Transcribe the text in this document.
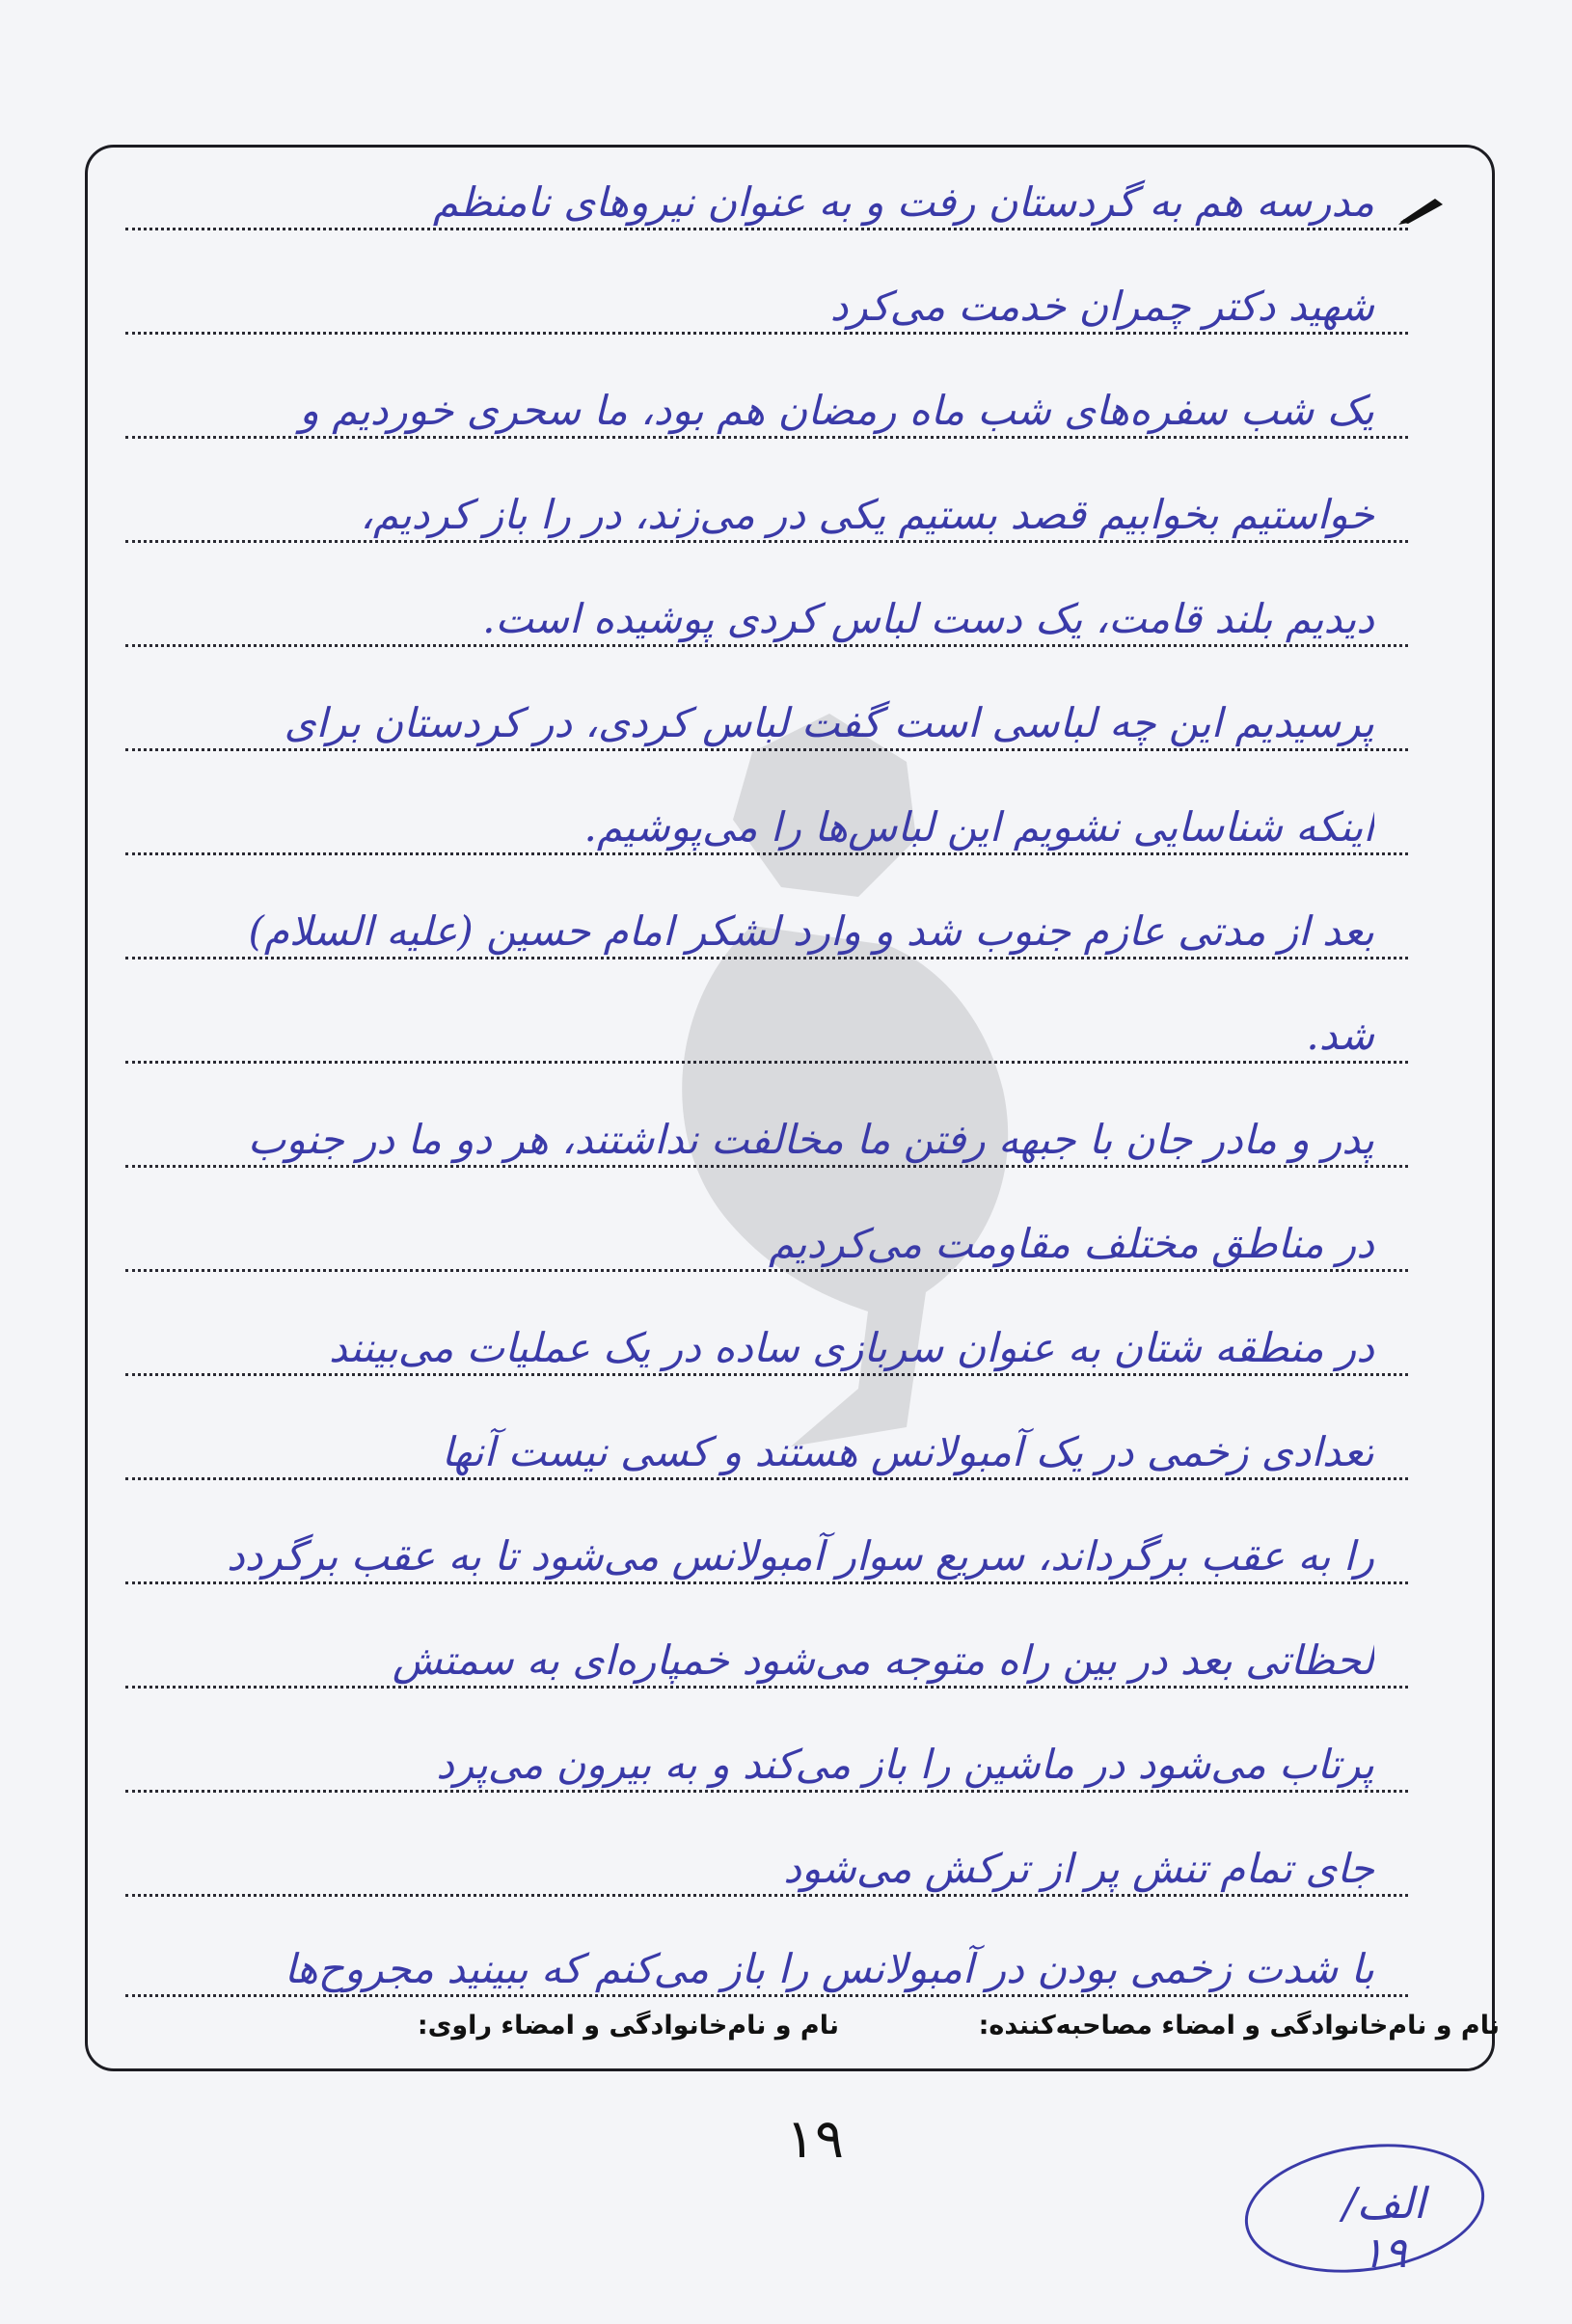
مدرسه هم به گردستان رفت و به عنوان نیروهای نامنظم
شهید دکتر چمران خدمت می‌کرد
یک شب سفره‌های شب ماه رمضان هم بود، ما سحری خوردیم و
خواستیم بخوابیم قصد بستیم یکی در می‌زند، در را باز کردیم،
دیدیم بلند قامت، یک دست لباس کردی پوشیده است.
پرسیدیم این چه لباسی است گفت لباس کردی، در کردستان برای
اینکه شناسایی نشویم این لباس‌ها را می‌پوشیم.
بعد از مدتی عازم جنوب شد و وارد لشکر امام حسین (علیه السلام)
شد.
پدر و مادر جان با جبهه رفتن ما مخالفت نداشتند، هر دو ما در جنوب
در مناطق مختلف مقاومت می‌کردیم
در منطقه شتان به عنوان سربازی ساده در یک عملیات می‌بینند
تعدادی زخمی در یک آمبولانس هستند و کسی نیست آنها
را به عقب برگرداند، سریع سوار آمبولانس می‌شود تا به عقب برگردد
لحظاتی بعد در بین راه متوجه می‌شود خمپاره‌ای به سمتش
پرتاب می‌شود در ماشین را باز می‌کند و به بیرون می‌پرد
جای تمام تنش پر از ترکش می‌شود
با شدت زخمی بودن در آمبولانس را باز می‌کنم که ببینید مجروح‌ها
نام و نام‌خانوادگی و امضاء مصاحبه‌کننده:
نام و نام‌خانوادگی و امضاء راوی:
۱۹
الف/۱۹
